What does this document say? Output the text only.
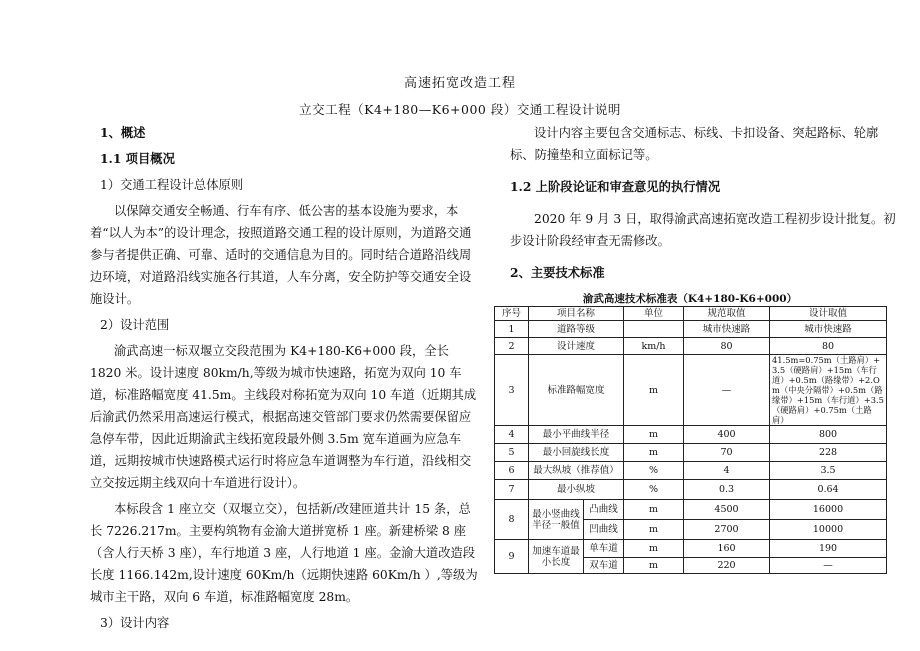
高速拓宽改造工程
立交工程（K4+180—K6+000 段）交通工程设计说明

1、概述

1.1 项目概况

1）交通工程设计总体原则

以保障交通安全畅通、行车有序、低公害的基本设施为要求，本着“以人为本”的设计理念，按照道路交通工程的设计原则，为道路交通参与者提供正确、可靠、适时的交通信息为目的。同时结合道路沿线周边环境，对道路沿线实施各行其道，人车分离，安全防护等交通安全设施设计。

2）设计范围

渝武高速一标双堰立交段范围为 K4+180-K6+000 段，全长 1820 米。设计速度 80km/h,等级为城市快速路，拓宽为双向 10 车道，标准路幅宽度 41.5m。主线段对称拓宽为双向 10 车道（近期其成后渝武仍然采用高速运行模式，根据高速交管部门要求仍然需要保留应急停车带，因此近期渝武主线拓宽段最外侧 3.5m 宽车道画为应急车道，远期按城市快速路模式运行时将应急车道调整为车行道，沿线相交立交按远期主线双向十车道进行设计）。

本标段含 1 座立交（双堰立交），包括新/改建匝道共计 15 条，总长 7226.217m。主要构筑物有金渝大道拼宽桥 1 座。新建桥梁 8 座（含人行天桥 3 座），车行地道 3 座，人行地道 1 座。金渝大道改造段长度 1166.142m,设计速度 60Km/h（远期快速路 60Km/h ）,等级为城市主干路，双向 6 车道，标准路幅宽度 28m。

3）设计内容

设计内容主要包含交通标志、标线、卡扣设备、突起路标、轮廓标、防撞垫和立面标记等。

1.2 上阶段论证和审查意见的执行情况

2020 年 9 月 3 日，取得渝武高速拓宽改造工程初步设计批复。初步设计阶段经审查无需修改。

2、主要技术标准

渝武高速技术标准表（K4+180-K6+000）
序号	项目名称		单位	规范取值	设计取值
1	道路等级			城市快速路	城市快速路
2	设计速度		km/h	80	80
3	标准路幅宽度		m	—	41.5m=0.75m（土路肩）+3.5（硬路肩）+15m（车行道）+0.5m（路缘带）+2.Om（中央分隔带）+0.5m（路缘带）+15m（车行道）+3.5（硬路肩）+0.75m（土路肩）
4	最小平曲线半径		m	400	800
5	最小回旋线长度		m	70	228
6	最大纵坡（推荐值）		%	4	3.5
7	最小纵坡		%	0.3	0.64
8	最小竖曲线半径一般值	凸曲线	m	4500	16000
		凹曲线	m	2700	10000
9	加速车道最小长度	单车道	m	160	190
		双车道	m	220	—
